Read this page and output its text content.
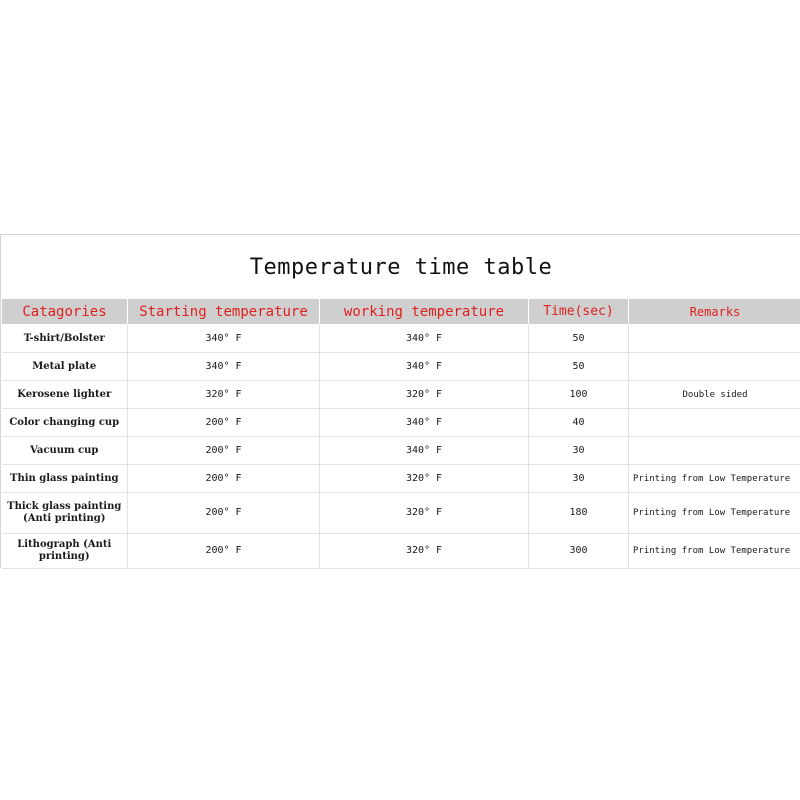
Temperature time table
Catagories	Starting temperature	working temperature	Time(sec)	Remarks
T-shirt/Bolster	340° F	340° F	50	
Metal plate	340° F	340° F	50	
Kerosene lighter	320° F	320° F	100	Double sided
Color changing cup	200° F	340° F	40	
Vacuum cup	200° F	340° F	30	
Thin glass painting	200° F	320° F	30	Printing from Low Temperature
Thick glass painting (Anti printing)	200° F	320° F	180	Printing from Low Temperature
Lithograph (Anti printing)	200° F	320° F	300	Printing from Low Temperature
